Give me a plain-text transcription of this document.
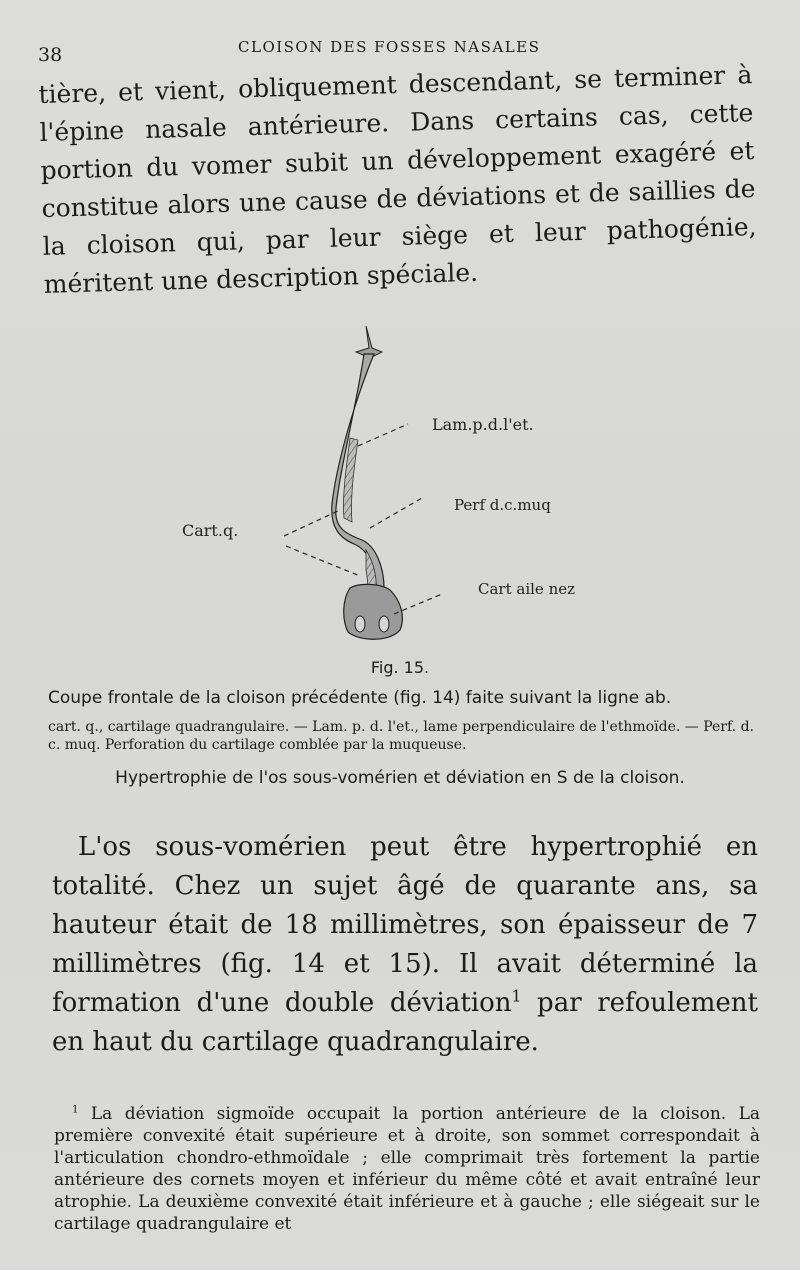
38	CLOISON DES FOSSES NASALES

tière, et vient, obliquement descendant, se terminer à l'épine nasale antérieure. Dans certains cas, cette portion du vomer subit un développement exagéré et constitue alors une cause de déviations et de saillies de la cloison qui, par leur siège et leur pathogénie, méritent une description spéciale.

Lam.p.d.l'et.
Perf d.c.muq
Cart.q.
Cart aile nez
Fig. 15.
Coupe frontale de la cloison précédente (fig. 14) faite suivant la ligne ab.
cart. q., cartilage quadrangulaire. — Lam. p. d. l'et., lame perpendiculaire de l'ethmoïde. — Perf. d. c. muq. Perforation du cartilage comblée par la muqueuse.
Hypertrophie de l'os sous-vomérien et déviation en S de la cloison.

L'os sous-vomérien peut être hypertrophié en totalité. Chez un sujet âgé de quarante ans, sa hauteur était de 18 millimètres, son épaisseur de 7 millimètres (fig. 14 et 15). Il avait déterminé la formation d'une double déviation$^1$ par refoulement en haut du cartilage quadrangulaire.

$^1$ La déviation sigmoïde occupait la portion antérieure de la cloison. La première convexité était supérieure et à droite, son sommet correspondait à l'articulation chondro-ethmoïdale ; elle comprimait très fortement la partie antérieure des cornets moyen et inférieur du même côté et avait entraîné leur atrophie. La deuxième convexité était inférieure et à gauche ; elle siégeait sur le cartilage quadrangulaire et
